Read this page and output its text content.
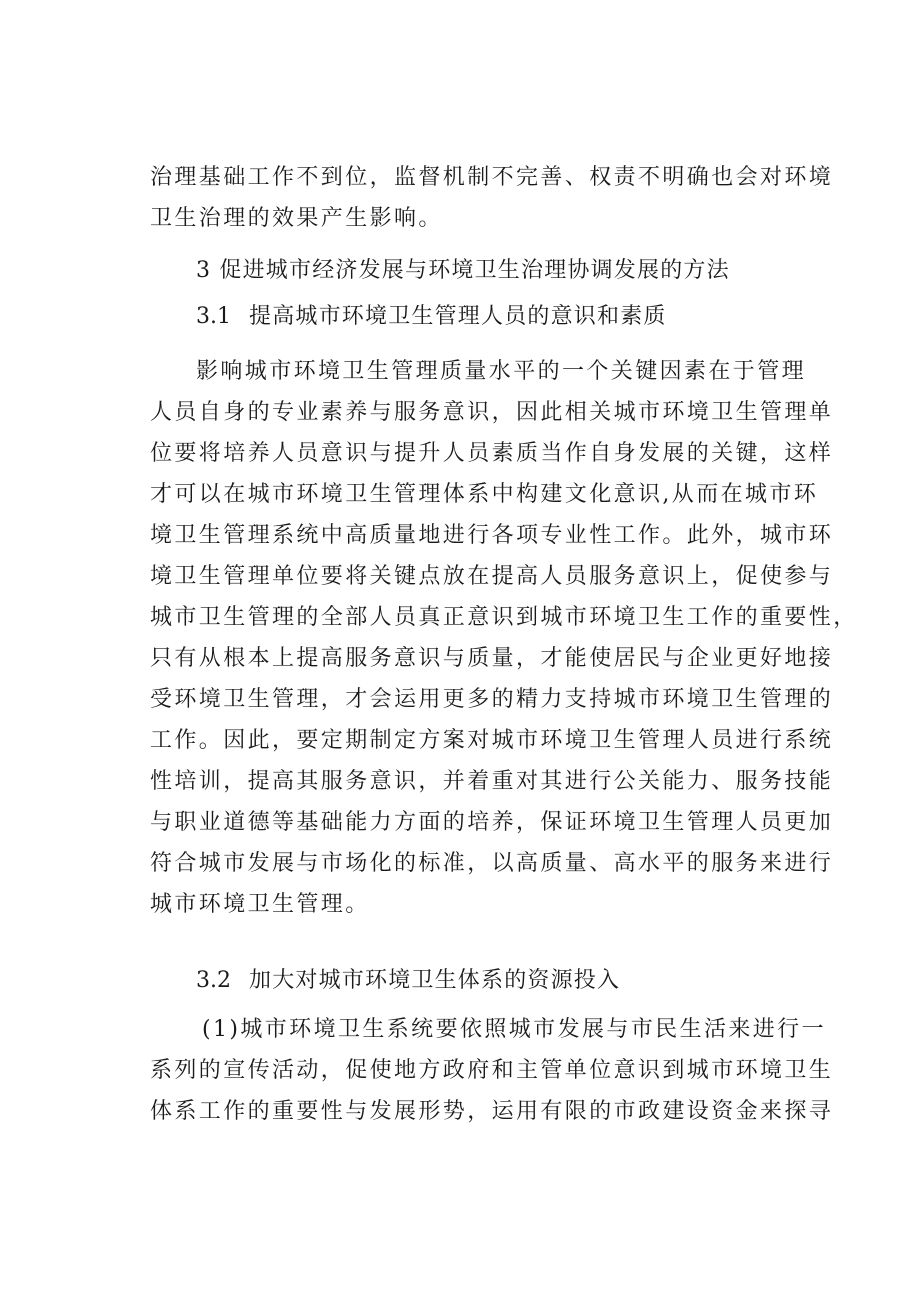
治理基础工作不到位，监督机制不完善、权责不明确也会对环境
卫生治理的效果产生影响。
3 促进城市经济发展与环境卫生治理协调发展的方法
3.1 提高城市环境卫生管理人员的意识和素质
影响城市环境卫生管理质量水平的一个关键因素在于管理
人员自身的专业素养与服务意识，因此相关城市环境卫生管理单
位要将培养人员意识与提升人员素质当作自身发展的关键，这样
才可以在城市环境卫生管理体系中构建文化意识,从而在城市环
境卫生管理系统中高质量地进行各项专业性工作。此外，城市环
境卫生管理单位要将关键点放在提高人员服务意识上，促使参与
城市卫生管理的全部人员真正意识到城市环境卫生工作的重要性，
只有从根本上提高服务意识与质量，才能使居民与企业更好地接
受环境卫生管理，才会运用更多的精力支持城市环境卫生管理的
工作。因此，要定期制定方案对城市环境卫生管理人员进行系统
性培训，提高其服务意识，并着重对其进行公关能力、服务技能
与职业道德等基础能力方面的培养，保证环境卫生管理人员更加
符合城市发展与市场化的标准，以高质量、高水平的服务来进行
城市环境卫生管理。
3.2 加大对城市环境卫生体系的资源投入
(1)城市环境卫生系统要依照城市发展与市民生活来进行一
系列的宣传活动，促使地方政府和主管单位意识到城市环境卫生
体系工作的重要性与发展形势，运用有限的市政建设资金来探寻
